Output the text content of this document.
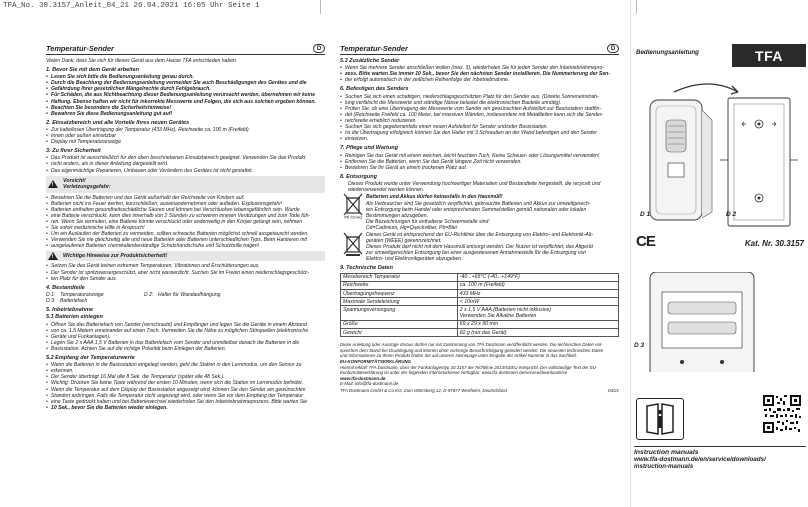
TFA_No. 30.3157_Anleit_04_21 26.04.2021 16:05 Uhr Seite 1
Temperatur-Sender	D
Vielen Dank, dass Sie sich für dieses Gerät aus dem Hause TFA entschieden haben.
1. Bevor Sie mit dem Gerät arbeiten
• Lesen Sie sich bitte die Bedienungsanleitung genau durch.
• Durch die Beachtung der Bedienungsanleitung vermeiden Sie auch Beschädigungen des Gerätes und die
• Gefährdung Ihrer gesetzlichen Mängelrechte durch Fehlgebrauch.
• Für Schäden, die aus Nichtbeachtung dieser Bedienungsanleitung verursacht werden, übernehmen wir keine
• Haftung. Ebenso haften wir nicht für inkorrekte Messwerte und Folgen, die sich aus solchen ergeben können.
• Beachten Sie besonders die Sicherheitshinweise!
• Bewahren Sie diese Bedienungsanleitung gut auf!
2. Einsatzbereich und alle Vorteile Ihres neuen Gerätes
• Zur kabellosen Übertragung der Temperatur (433 MHz), Reichweite ca. 100 m (Freifeld)
• Innen oder außen einsetzbar
• Display mit Temperaturanzeige
3. Zu Ihrer Sicherheit
• Das Produkt ist ausschließlich für den oben beschriebenen Einsatzbereich geeignet. Verwenden Sie das Produkt
• nicht anders, als in dieser Anleitung dargestellt wird.
• Das eigenmächtige Reparieren, Umbauen oder Verändern des Gerätes ist nicht gestattet.
!
Vorsicht!
Verletzungsgefahr:
• Bewahren Sie die Batterien und das Gerät außerhalb der Reichweite von Kindern auf.
• Batterien nicht ins Feuer werfen, kurzschließen, auseinandernehmen oder aufladen. Explosionsgefahr!
• Batterien enthalten gesundheitsschädliche Säuren und können bei Verschlucken lebensgefährlich sein. Wurde
• eine Batterie verschluckt, kann dies innerhalb von 2 Stunden zu schweren inneren Verätzungen und zum Tode füh-
• ren. Wenn Sie vermuten, eine Batterie könnte verschluckt oder anderweitig in den Körper gelangt sein, nehmen
• Sie sofort medizinische Hilfe in Anspruch!
• Um ein Auslaufen der Batterien zu vermeiden, sollten schwache Batterien möglichst schnell ausgetauscht werden.
• Verwenden Sie nie gleichzeitig alte und neue Batterien oder Batterien unterschiedlichen Typs. Beim Hantieren mit
• ausgelaufenen Batterien chemikalienbeständige Schutzhandschuhe und Schutzbrille tragen!
!
Wichtige Hinweise zur Produktsicherheit!
• Setzen Sie das Gerät keinen extremen Temperaturen, Vibrationen und Erschütterungen aus.
• Der Sender ist spritzwassergeschützt, aber nicht wasserdicht. Suchen Sie im Freien einen niederschlagsgeschütz-
• ten Platz für den Sender aus.
4. Bestandteile
D 1: Temperaturanzeige	D 2: Halter für Wandaufhängung
D 3: Batteriefach
5. Inbetriebnahme
5.1 Batterien einlegen
• Öffnen Sie das Batteriefach von Sender (verschraubt) und Empfänger und legen Sie die Geräte in einem Abstand
• von ca. 1,5 Metern voneinander auf einen Tisch. Vermeiden Sie die Nähe zu möglichen Störquellen (elektronische
• Geräte und Funkanlagen).
• Legen Sie 2 x AAA 1,5 V Batterien in das Batteriefach vom Sender und unmittelbar danach die Batterien in die
• Basisstation. Achten Sie auf die richtige Polarität beim Einlegen der Batterien.
5.2 Empfang der Temperaturwerte
• Wenn die Batterien in die Basisstation eingelegt werden, geht die Station in den Lernmodus, um den Sensor zu
• erkennen.
• Der Sender überträgt 16 Mal alle 8 Sek. die Temperatur (später alle 48 Sek.).
• Wichtig: Drücken Sie keine Taste während der ersten 10 Minuten, wenn sich die Station im Lernmodus befindet.
• Wenn die Temperatur auf dem Display der Basisstation angezeigt wird, können Sie den Sender am gewünschten
• Standort anbringen. Falls die Temperatur nicht angezeigt wird, oder wenn Sie vor dem Empfang der Temperatur
• eine Taste gedrückt haben und bei Batteriewechsel wiederholen Sie den Inbetriebnahmeprozess. Bitte warten Sie
• 10 Sek., bevor Sie die Batterien wieder einlegen.
Temperatur-Sender	D
5.3 Zusätzliche Sender
• Wenn Sie mehrere Sender anschließen wollen (max. 3), wiederholen Sie für jeden Sender den Inbetriebnahmepro-
• zess. Bitte warten Sie immer 10 Sek., bevor Sie den nächsten Sender installieren. Die Nummerierung der Sen-
• der erfolgt automatisch in der zeitlichen Reihenfolge der Inbetriebnahme.
6. Befestigen des Senders
• Suchen Sie sich einen schattigen, niederschlagsgeschützten Platz für den Sender aus. (Direkte Sonneneinstrah-
• lung verfälscht die Messwerte und ständige Nässe belastet die elektronischen Bauteile unnötig).
• Prüfen Sie, ob eine Übertragung der Messwerte vom Sender am gewünschten Aufstellort zur Basisstation stattfin-
• det (Reichweite Freifeld ca. 100 Meter, bei massiven Wänden, insbesondere mit Metallteilen kann sich die Sender-
• reichweite erheblich reduzieren.
• Suchen Sie sich gegebenenfalls einen neuen Aufstellort für Sender und/oder Basisstation.
• Ist die Übertragung erfolgreich können Sie den Halter mit 3 Schrauben an der Wand befestigen und den Sender
• einsetzen.
7. Pflege und Wartung
• Reinigen Sie das Gerät mit einem weichen, leicht feuchten Tuch. Keine Scheuer- oder Lösungsmittel verwenden!
• Entfernen Sie die Batterien, wenn Sie das Gerät längere Zeit nicht verwenden.
• Bewahren Sie Ihr Gerät an einem trockenen Platz auf.
8. Entsorgung
Dieses Produkt wurde unter Verwendung hochwertiger Materialien und Bestandteile hergestellt, die recycelt und
wiederverwendet werden können.
Pb Cd Hg
Batterien und Akkus dürfen keinesfalls in den Hausmüll!
Als Verbraucher sind Sie gesetzlich verpflichtet, gebrauchte Batterien und Akkus zur umweltgerech-
ten Entsorgung beim Handel oder entsprechenden Sammelstellen gemäß nationalen oder lokalen
Bestimmungen abzugeben.
Die Bezeichnungen für enthaltene Schwermetalle sind:
Cd=Cadmium, Hg=Quecksilber, Pb=Blei
Dieses Gerät ist entsprechend der EU-Richtlinie über die Entsorgung von Elektro- und Elektronik-Alt-
geräten (WEEE) gekennzeichnet.
Dieses Produkt darf nicht mit dem Hausmüll entsorgt werden. Der Nutzer ist verpflichtet, das Altgerät
zur umweltgerechten Entsorgung bei einer ausgewiesenen Annahmestelle für die Entsorgung von
Elektro- und Elektronikgeräten abzugeben.
9. Technische Daten
Messbereich Temperatur	-40...+65°C (-40...+149°F)

Reichweite	ca. 100 m (Freifeld)

Übertragungsfrequenz	433 MHz

Maximale Sendeleistung	< 10mW

Spannungsversorgung	2 x 1,5 V AAA (Batterien nicht inklusive)
Verwenden Sie Alkaline Batterien

Größe	69 x 29 x 90 mm

Gewicht	82 g (nur das Gerät)
Diese Anleitung oder Auszüge daraus dürfen nur mit Zustimmung von TFA Dostmann veröffentlicht werden. Die technischen Daten ent-
sprechen dem Stand bei Drucklegung und können ohne vorherige Benachrichtigung geändert werden. Die neuesten technischen Daten
und Informationen zu Ihrem Produkt finden Sie auf unserer Homepage unter Eingabe der Artikel-Nummer in das Suchfeld.
EU-KONFORMITÄTSERKLÄRUNG
Hiermit erklärt TFA Dostmann, dass der Funkanlagentyp 30.3157 der Richtlinie 2014/53/EU entspricht. Der vollständige Text der EU-
Konformitätserklärung ist unter der folgenden Internetadresse verfügbar: www.tfa-dostmann.de/service/downloads/ce
www.tfa-dostmann.de
E-Mail: info@tfa-dostmann.de
TFA Dostmann GmbH & Co.KG, Zum Ottersberg 12, D-97877 Wertheim, Deutschland	04/21
Bedienungsanleitung	TFA
D 1	D 2
CE	Kat. Nr. 30.3157
D 3
Instruction manuals
www.tfa-dostmann.de/en/service/downloads/
instruction-manuals
